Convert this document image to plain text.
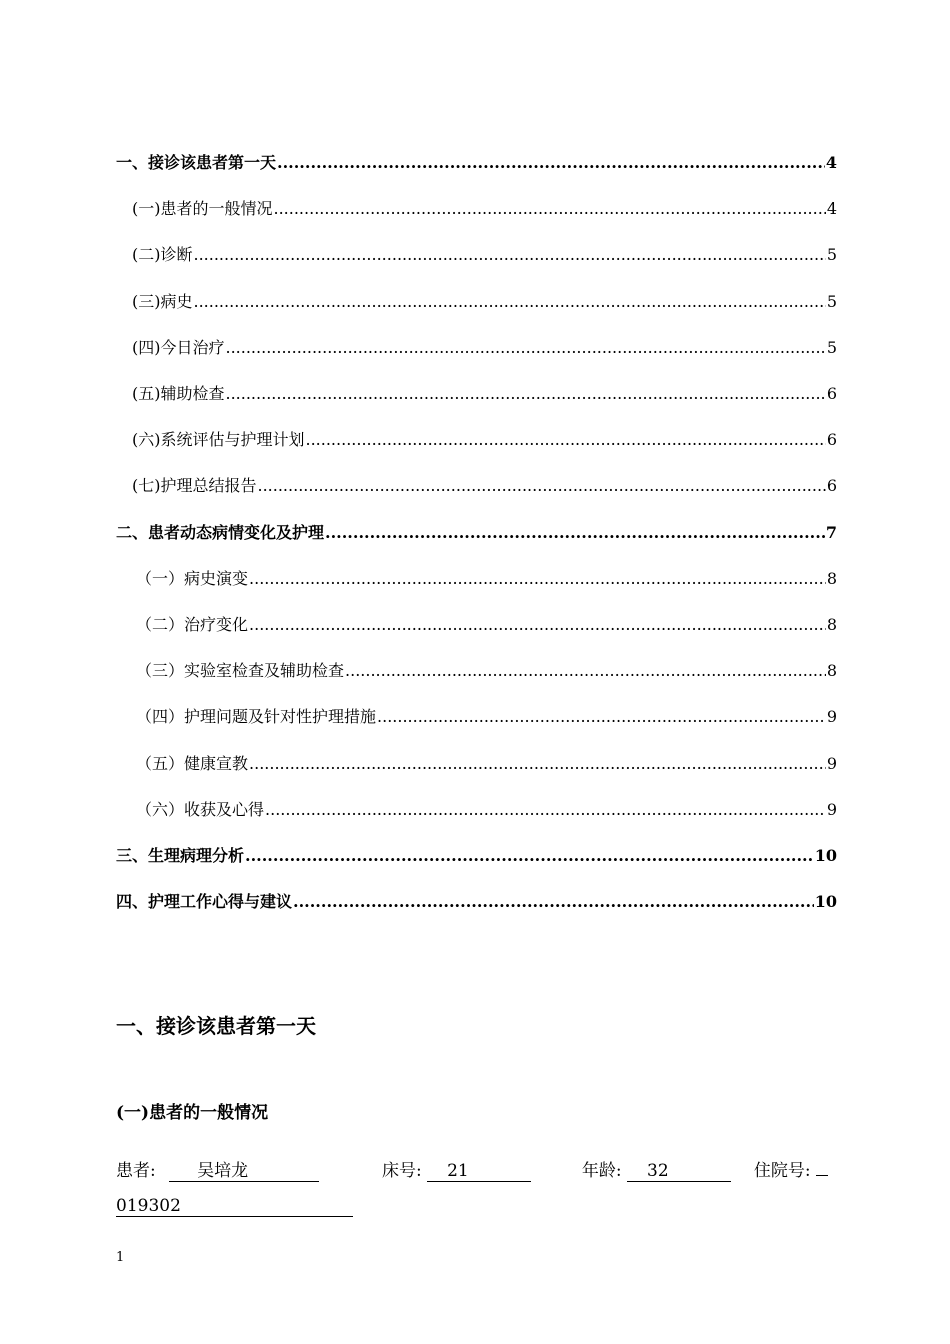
一、接诊该患者第一天 .....	4
(一)患者的一般情况 .....	4
(二)诊断 .....	5
(三)病史 .....	5
(四)今日治疗 .....	5
(五)辅助检查 .....	6
(六)系统评估与护理计划 .....	6
(七)护理总结报告 .....	6
二、患者动态病情变化及护理 .....	7
（一）病史演变 .....	8
（二）治疗变化 .....	8
（三）实验室检查及辅助检查 .....	8
（四）护理问题及针对性护理措施 .....	9
（五）健康宣教 .....	9
（六）收获及心得 .....	9
三、生理病理分析 .....	10
四、护理工作心得与建议 .....	10
一、接诊该患者第一天
(一)患者的一般情况
患者: 吴培龙	床号: 21	年龄: 32	住院号:
019302
1
